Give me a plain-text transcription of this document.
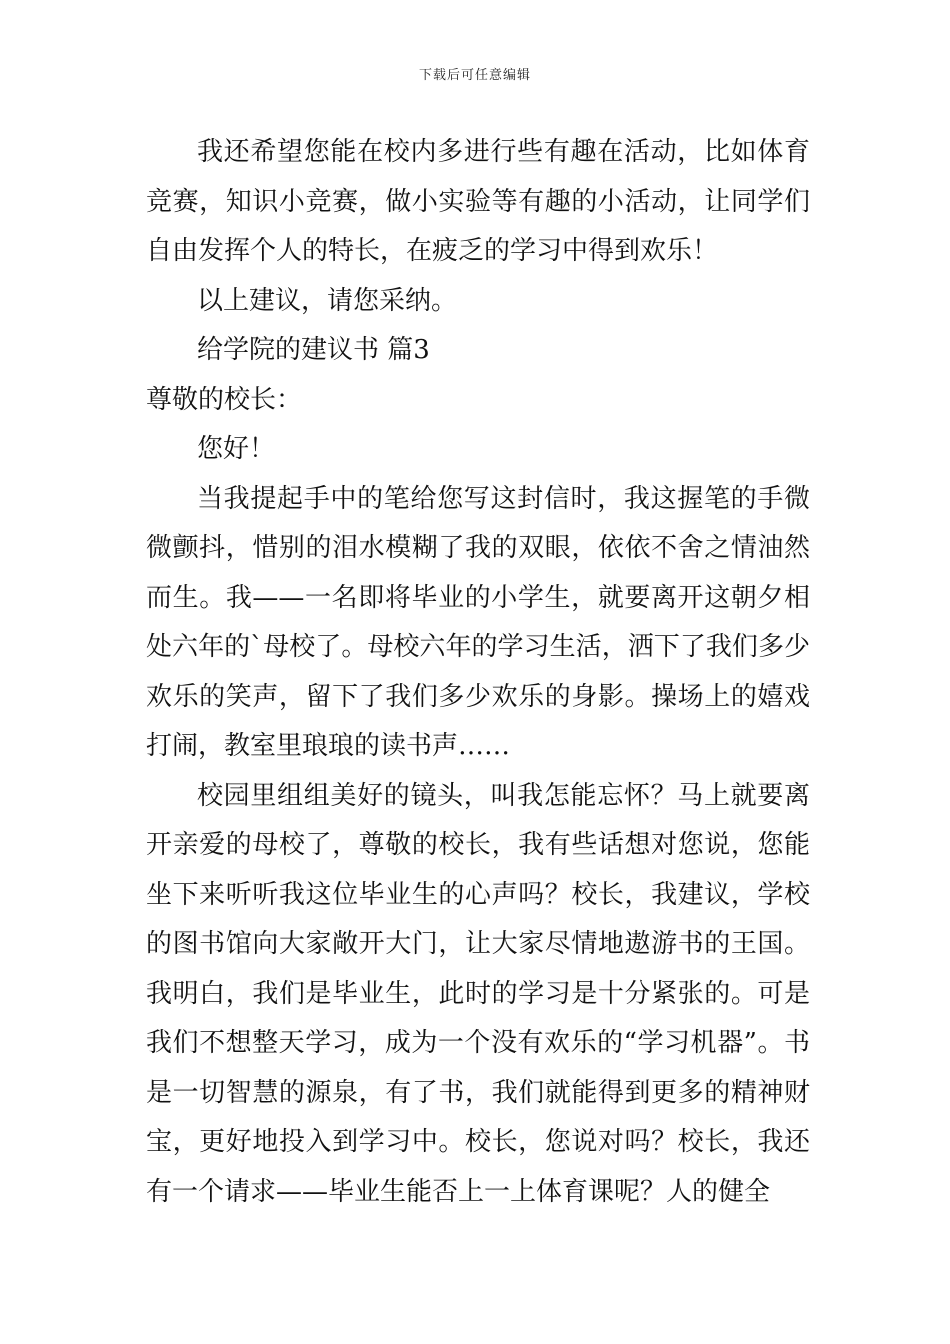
下载后可任意编辑

我还希望您能在校内多进行些有趣在活动，比如体育竞赛，知识小竞赛，做小实验等有趣的小活动，让同学们自由发挥个人的特长，在疲乏的学习中得到欢乐！

以上建议，请您采纳。

给学院的建议书 篇3

尊敬的校长：

您好！

当我提起手中的笔给您写这封信时，我这握笔的手微微颤抖，惜别的泪水模糊了我的双眼，依依不舍之情油然而生。我——一名即将毕业的小学生，就要离开这朝夕相处六年的`母校了。母校六年的学习生活，洒下了我们多少欢乐的笑声，留下了我们多少欢乐的身影。操场上的嬉戏打闹，教室里琅琅的读书声……

校园里组组美好的镜头，叫我怎能忘怀？马上就要离开亲爱的母校了，尊敬的校长，我有些话想对您说，您能坐下来听听我这位毕业生的心声吗？校长，我建议，学校的图书馆向大家敞开大门，让大家尽情地遨游书的王国。我明白，我们是毕业生，此时的学习是十分紧张的。可是我们不想整天学习，成为一个没有欢乐的“学习机器”。书是一切智慧的源泉，有了书，我们就能得到更多的精神财宝，更好地投入到学习中。校长，您说对吗？校长，我还有一个请求——毕业生能否上一上体育课呢？人的健全
